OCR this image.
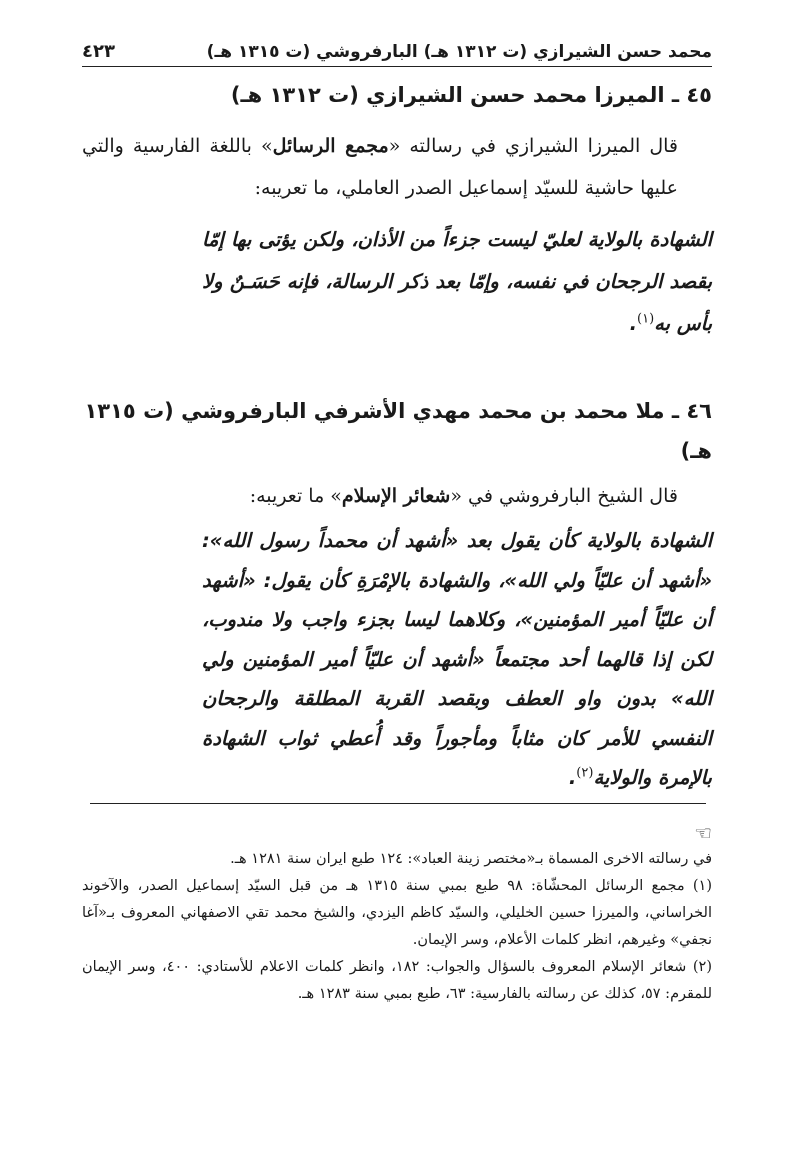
محمد حسن الشيرازي (ت ١٣١٢ هـ) البارفروشي (ت ١٣١٥ هـ)
٤٢٣
٤٥ ـ الميرزا محمد حسن الشيرازي (ت ١٣١٢ هـ)

قال الميرزا الشيرازي في رسالته «مجمع الرسائل» باللغة الفارسية والتي عليها حاشية للسيّد إسماعيل الصدر العاملي، ما تعريبه:

الشهادة بالولاية لعليّ ليست جزءاً من الأذان، ولكن يؤتى بها إمّا بقصد الرجحان في نفسه، وإمّا بعد ذكر الرسالة، فإنه حَسَـنٌ ولا بأس به$^{(١)}$.

٤٦ ـ ملا محمد بن محمد مهدي الأشرفي البارفروشي (ت ١٣١٥ هـ)

قال الشيخ البارفروشي في «شعائر الإسلام» ما تعريبه:

الشهادة بالولاية كأن يقول بعد «أشهد أن محمداً رسول الله»: «أشهد أن عليّاً ولي الله»، والشهادة بالإمْرَةِ كأن يقول: «أشهد أن عليّاً أمير المؤمنين»، وكلاهما ليسا بجزء واجب ولا مندوب، لكن إذا قالهما أحد مجتمعاً «أشهد أن عليّاً أمير المؤمنين ولي الله» بدون واو العطف وبقصد القربة المطلقة والرجحان النفسي للأمر كان مثاباً ومأجوراً وقد أُعطي ثواب الشهادة بالإمرة والولاية$^{(٢)}$.

☜

في رسالته الاخرى المسماة بـ«مختصر زينة العباد»: ١٢٤ طبع ايران سنة ١٢٨١ هـ.

(١) مجمع الرسائل المحشّاة: ٩٨ طبع بمبي سنة ١٣١٥ هـ من قبل السيّد إسماعيل الصدر، والآخوند الخراساني، والميرزا حسين الخليلي، والسيّد كاظم اليزدي، والشيخ محمد تقي الاصفهاني المعروف بـ«آغا نجفي» وغيرهم، انظر كلمات الأعلام، وسر الإيمان.

(٢) شعائر الإسلام المعروف بالسؤال والجواب: ١٨٢، وانظر كلمات الاعلام للأستادي: ٤٠٠، وسر الإيمان للمقرم: ٥٧، كذلك عن رسالته بالفارسية: ٦٣، طبع بمبي سنة ١٢٨٣ هـ.
